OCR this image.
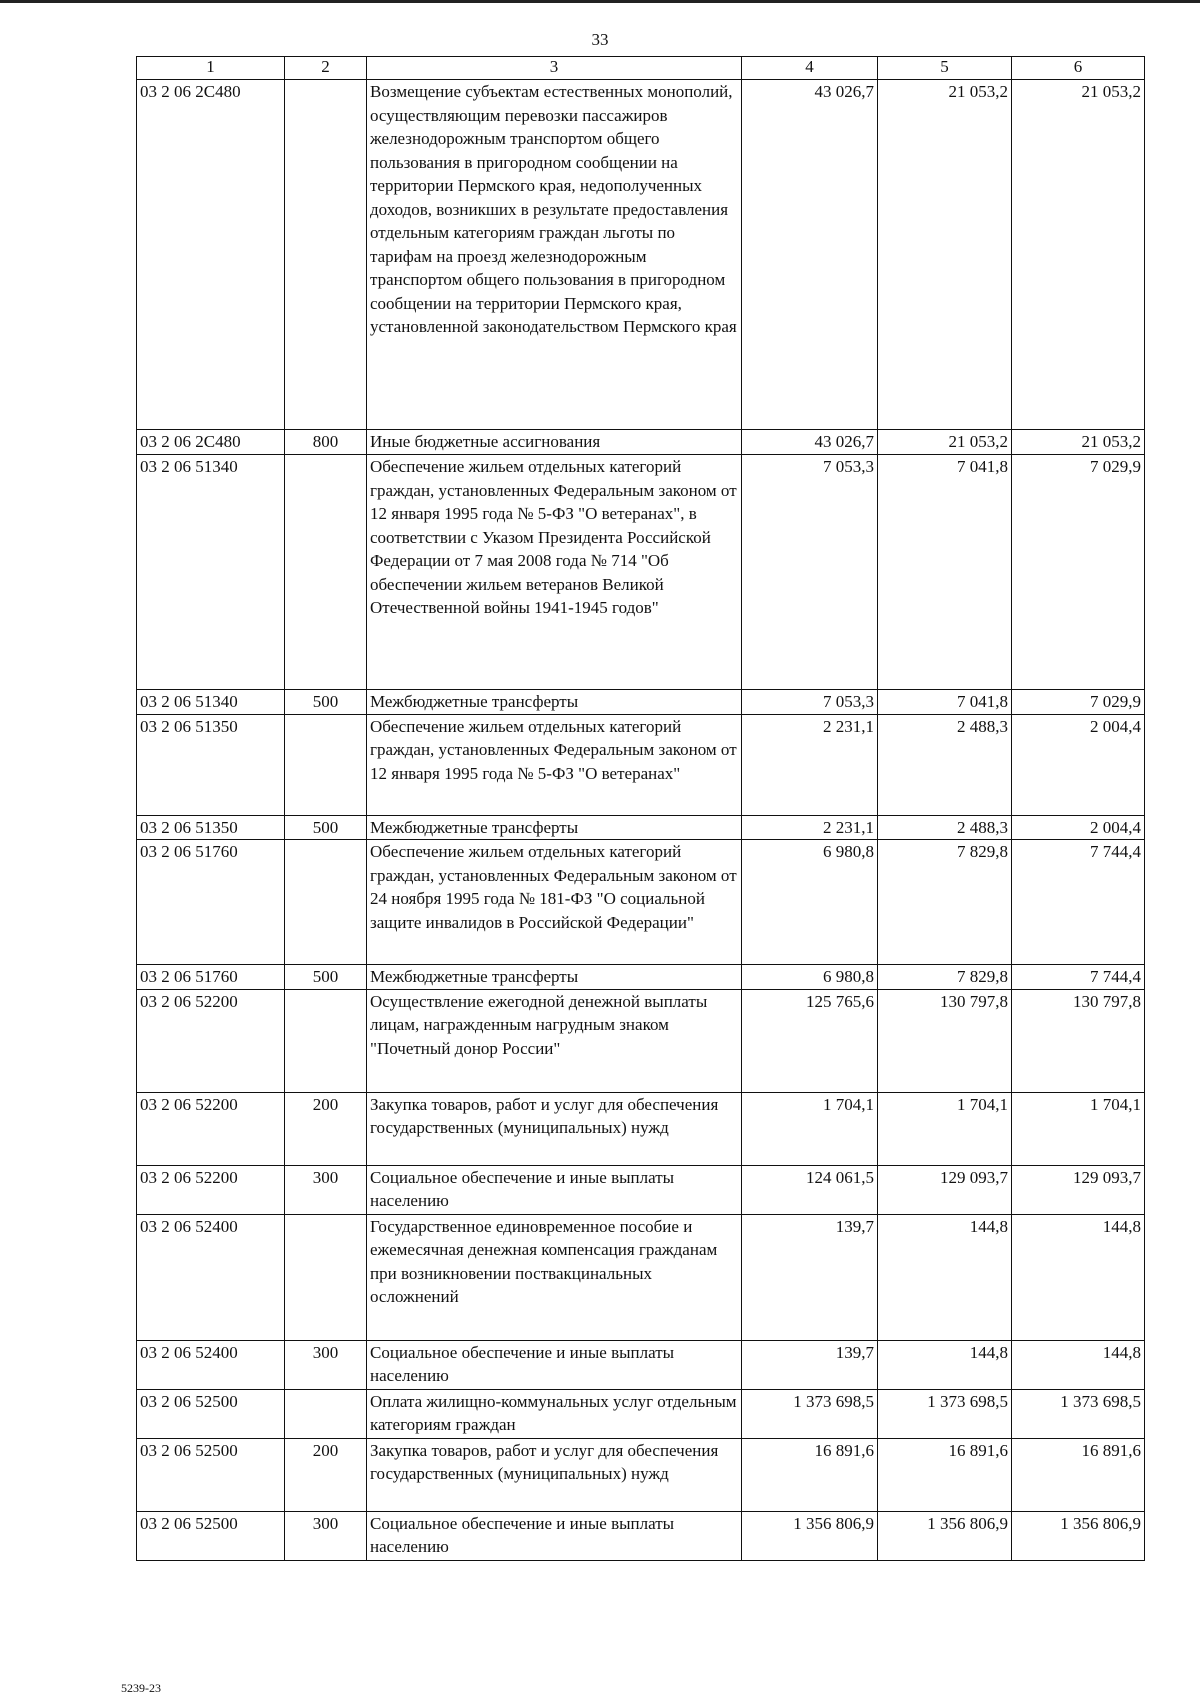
33
1	2	3	4	5	6
03 2 06 2С480		Возмещение субъектам естественных монополий, осуществляющим перевозки пассажиров железнодорожным транспортом общего пользования в пригородном сообщении на территории Пермского края, недополученных доходов, возникших в результате предоставления отдельным категориям граждан льготы по тарифам на проезд железнодорожным транспортом общего пользования в пригородном сообщении на территории Пермского края, установленной законодательством Пермского края	43 026,7	21 053,2	21 053,2
03 2 06 2С480	800	Иные бюджетные ассигнования	43 026,7	21 053,2	21 053,2
03 2 06 51340		Обеспечение жильем отдельных категорий граждан, установленных Федеральным законом от 12 января 1995 года № 5-ФЗ "О ветеранах", в соответствии с Указом Президента Российской Федерации от 7 мая 2008 года № 714 "Об обеспечении жильем ветеранов Великой Отечественной войны 1941-1945 годов"	7 053,3	7 041,8	7 029,9
03 2 06 51340	500	Межбюджетные трансферты	7 053,3	7 041,8	7 029,9
03 2 06 51350		Обеспечение жильем отдельных категорий граждан, установленных Федеральным законом от 12 января 1995 года № 5-ФЗ "О ветеранах"	2 231,1	2 488,3	2 004,4
03 2 06 51350	500	Межбюджетные трансферты	2 231,1	2 488,3	2 004,4
03 2 06 51760		Обеспечение жильем отдельных категорий граждан, установленных Федеральным законом от 24 ноября 1995 года № 181-ФЗ "О социальной защите инвалидов в Российской Федерации"	6 980,8	7 829,8	7 744,4
03 2 06 51760	500	Межбюджетные трансферты	6 980,8	7 829,8	7 744,4
03 2 06 52200		Осуществление ежегодной денежной выплаты лицам, награжденным нагрудным знаком "Почетный донор России"	125 765,6	130 797,8	130 797,8
03 2 06 52200	200	Закупка товаров, работ и услуг для обеспечения государственных (муниципальных) нужд	1 704,1	1 704,1	1 704,1
03 2 06 52200	300	Социальное обеспечение и иные выплаты населению	124 061,5	129 093,7	129 093,7
03 2 06 52400		Государственное единовременное пособие и ежемесячная денежная компенсация гражданам при возникновении поствакцинальных осложнений	139,7	144,8	144,8
03 2 06 52400	300	Социальное обеспечение и иные выплаты населению	139,7	144,8	144,8
03 2 06 52500		Оплата жилищно-коммунальных услуг отдельным категориям граждан	1 373 698,5	1 373 698,5	1 373 698,5
03 2 06 52500	200	Закупка товаров, работ и услуг для обеспечения государственных (муниципальных) нужд	16 891,6	16 891,6	16 891,6
03 2 06 52500	300	Социальное обеспечение и иные выплаты населению	1 356 806,9	1 356 806,9	1 356 806,9
5239-23
